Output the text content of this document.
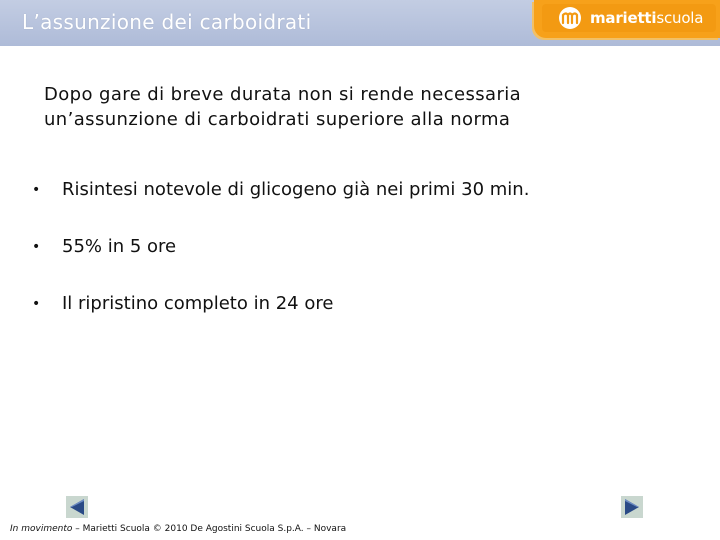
L’assunzione dei carboidrati	mariettiscuola
Dopo gare di breve durata non si rende necessaria
un’assunzione di carboidrati superiore alla norma
•	Risintesi notevole di glicogeno già nei primi 30 min.
•	55% in 5 ore
•	Il ripristino completo in 24 ore
In movimento – Marietti Scuola © 2010 De Agostini Scuola S.p.A. – Novara
